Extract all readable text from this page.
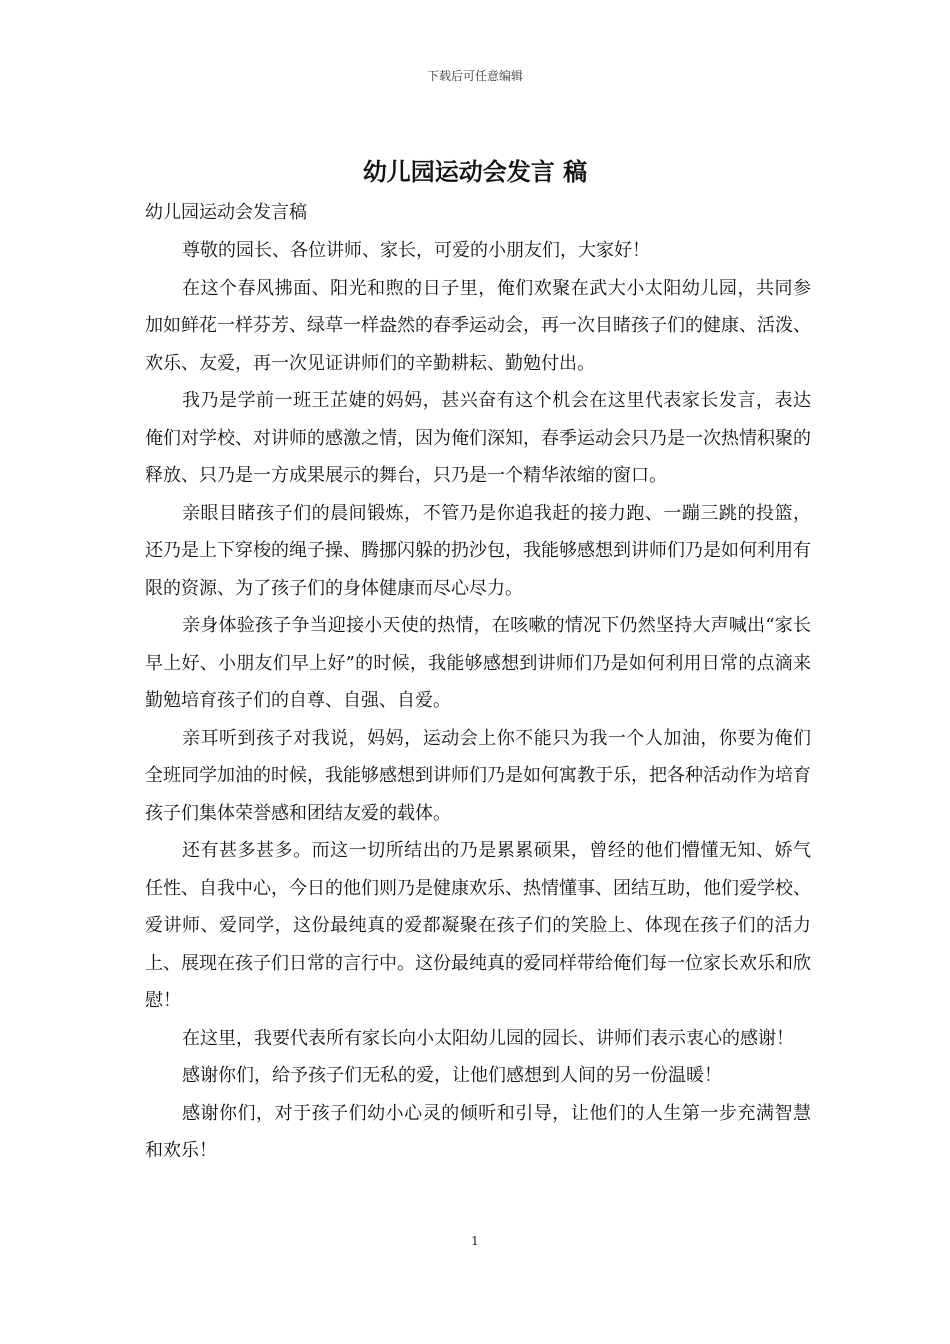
下载后可任意编辑
幼儿园运动会发言 稿
幼儿园运动会发言稿

尊敬的园长、各位讲师、家长，可爱的小朋友们，大家好！

在这个春风拂面、阳光和煦的日子里，俺们欢聚在武大小太阳幼儿园，共同参加如鲜花一样芬芳、绿草一样盎然的春季运动会，再一次目睹孩子们的健康、活泼、欢乐、友爱，再一次见证讲师们的辛勤耕耘、勤勉付出。

我乃是学前一班王芷婕的妈妈，甚兴奋有这个机会在这里代表家长发言，表达俺们对学校、对讲师的感激之情，因为俺们深知，春季运动会只乃是一次热情积聚的释放、只乃是一方成果展示的舞台，只乃是一个精华浓缩的窗口。

亲眼目睹孩子们的晨间锻炼，不管乃是你追我赶的接力跑、一蹦三跳的投篮，还乃是上下穿梭的绳子操、腾挪闪躲的扔沙包，我能够感想到讲师们乃是如何利用有限的资源、为了孩子们的身体健康而尽心尽力。

亲身体验孩子争当迎接小天使的热情，在咳嗽的情况下仍然坚持大声喊出“家长早上好、小朋友们早上好”的时候，我能够感想到讲师们乃是如何利用日常的点滴来勤勉培育孩子们的自尊、自强、自爱。

亲耳听到孩子对我说，妈妈，运动会上你不能只为我一个人加油，你要为俺们全班同学加油的时候，我能够感想到讲师们乃是如何寓教于乐，把各种活动作为培育孩子们集体荣誉感和团结友爱的载体。

还有甚多甚多。而这一切所结出的乃是累累硕果，曾经的他们懵懂无知、娇气任性、自我中心，今日的他们则乃是健康欢乐、热情懂事、团结互助，他们爱学校、爱讲师、爱同学，这份最纯真的爱都凝聚在孩子们的笑脸上、体现在孩子们的活力上、展现在孩子们日常的言行中。这份最纯真的爱同样带给俺们每一位家长欢乐和欣慰！

在这里，我要代表所有家长向小太阳幼儿园的园长、讲师们表示衷心的感谢！

感谢你们，给予孩子们无私的爱，让他们感想到人间的另一份温暖！

感谢你们，对于孩子们幼小心灵的倾听和引导，让他们的人生第一步充满智慧和欢乐！

1
